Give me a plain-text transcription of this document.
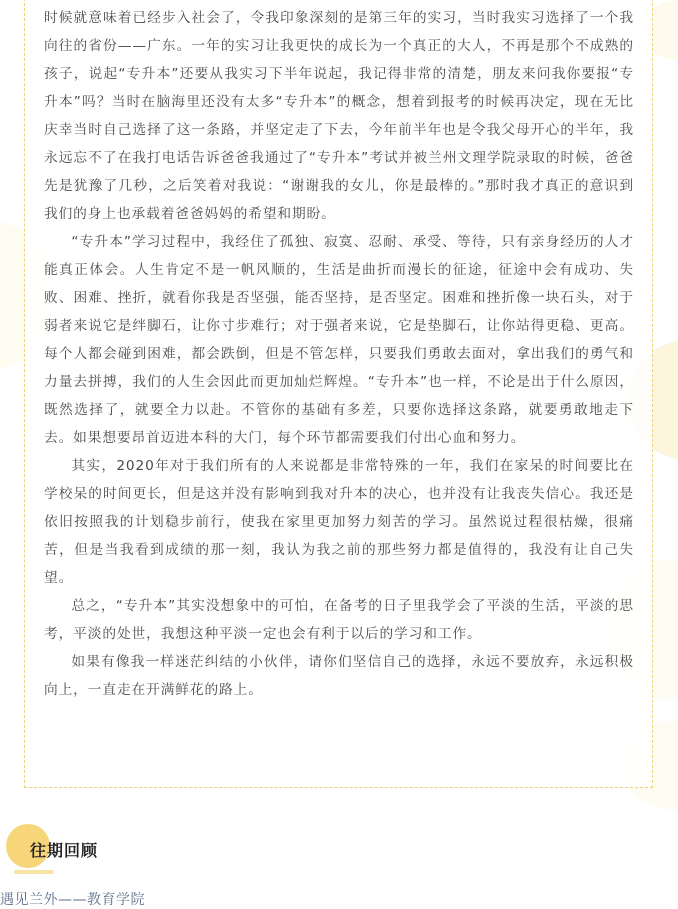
时候就意味着已经步入社会了，令我印象深刻的是第三年的实习，当时我实习选择了一个我向往的省份——广东。一年的实习让我更快的成长为一个真正的大人，不再是那个不成熟的孩子，说起“专升本”还要从我实习下半年说起，我记得非常的清楚，朋友来问我你要报“专升本”吗？当时在脑海里还没有太多“专升本”的概念，想着到报考的时候再决定，现在无比庆幸当时自己选择了这一条路，并坚定走了下去，今年前半年也是令我父母开心的半年，我永远忘不了在我打电话告诉爸爸我通过了“专升本”考试并被兰州文理学院录取的时候，爸爸先是犹豫了几秒，之后笑着对我说：“谢谢我的女儿，你是最棒的。”那时我才真正的意识到我们的身上也承载着爸爸妈妈的希望和期盼。

“专升本”学习过程中，我经住了孤独、寂寞、忍耐、承受、等待，只有亲身经历的人才能真正体会。人生肯定不是一帆风顺的，生活是曲折而漫长的征途，征途中会有成功、失败、困难、挫折，就看你我是否坚强，能否坚持，是否坚定。困难和挫折像一块石头，对于弱者来说它是绊脚石，让你寸步难行；对于强者来说，它是垫脚石，让你站得更稳、更高。每个人都会碰到困难，都会跌倒，但是不管怎样，只要我们勇敢去面对，拿出我们的勇气和力量去拼搏，我们的人生会因此而更加灿烂辉煌。“专升本”也一样，不论是出于什么原因，既然选择了，就要全力以赴。不管你的基础有多差，只要你选择这条路，就要勇敢地走下去。如果想要昂首迈进本科的大门，每个环节都需要我们付出心血和努力。

其实，2020年对于我们所有的人来说都是非常特殊的一年，我们在家呆的时间要比在学校呆的时间更长，但是这并没有影响到我对升本的决心，也并没有让我丧失信心。我还是依旧按照我的计划稳步前行，使我在家里更加努力刻苦的学习。虽然说过程很枯燥，很痛苦，但是当我看到成绩的那一刻，我认为我之前的那些努力都是值得的，我没有让自己失望。

总之，“专升本”其实没想象中的可怕，在备考的日子里我学会了平淡的生活，平淡的思考，平淡的处世，我想这种平淡一定也会有利于以后的学习和工作。

如果有像我一样迷茫纠结的小伙伴，请你们坚信自己的选择，永远不要放弃，永远积极向上，一直走在开满鲜花的路上。

往期回顾
遇见兰外——教育学院
